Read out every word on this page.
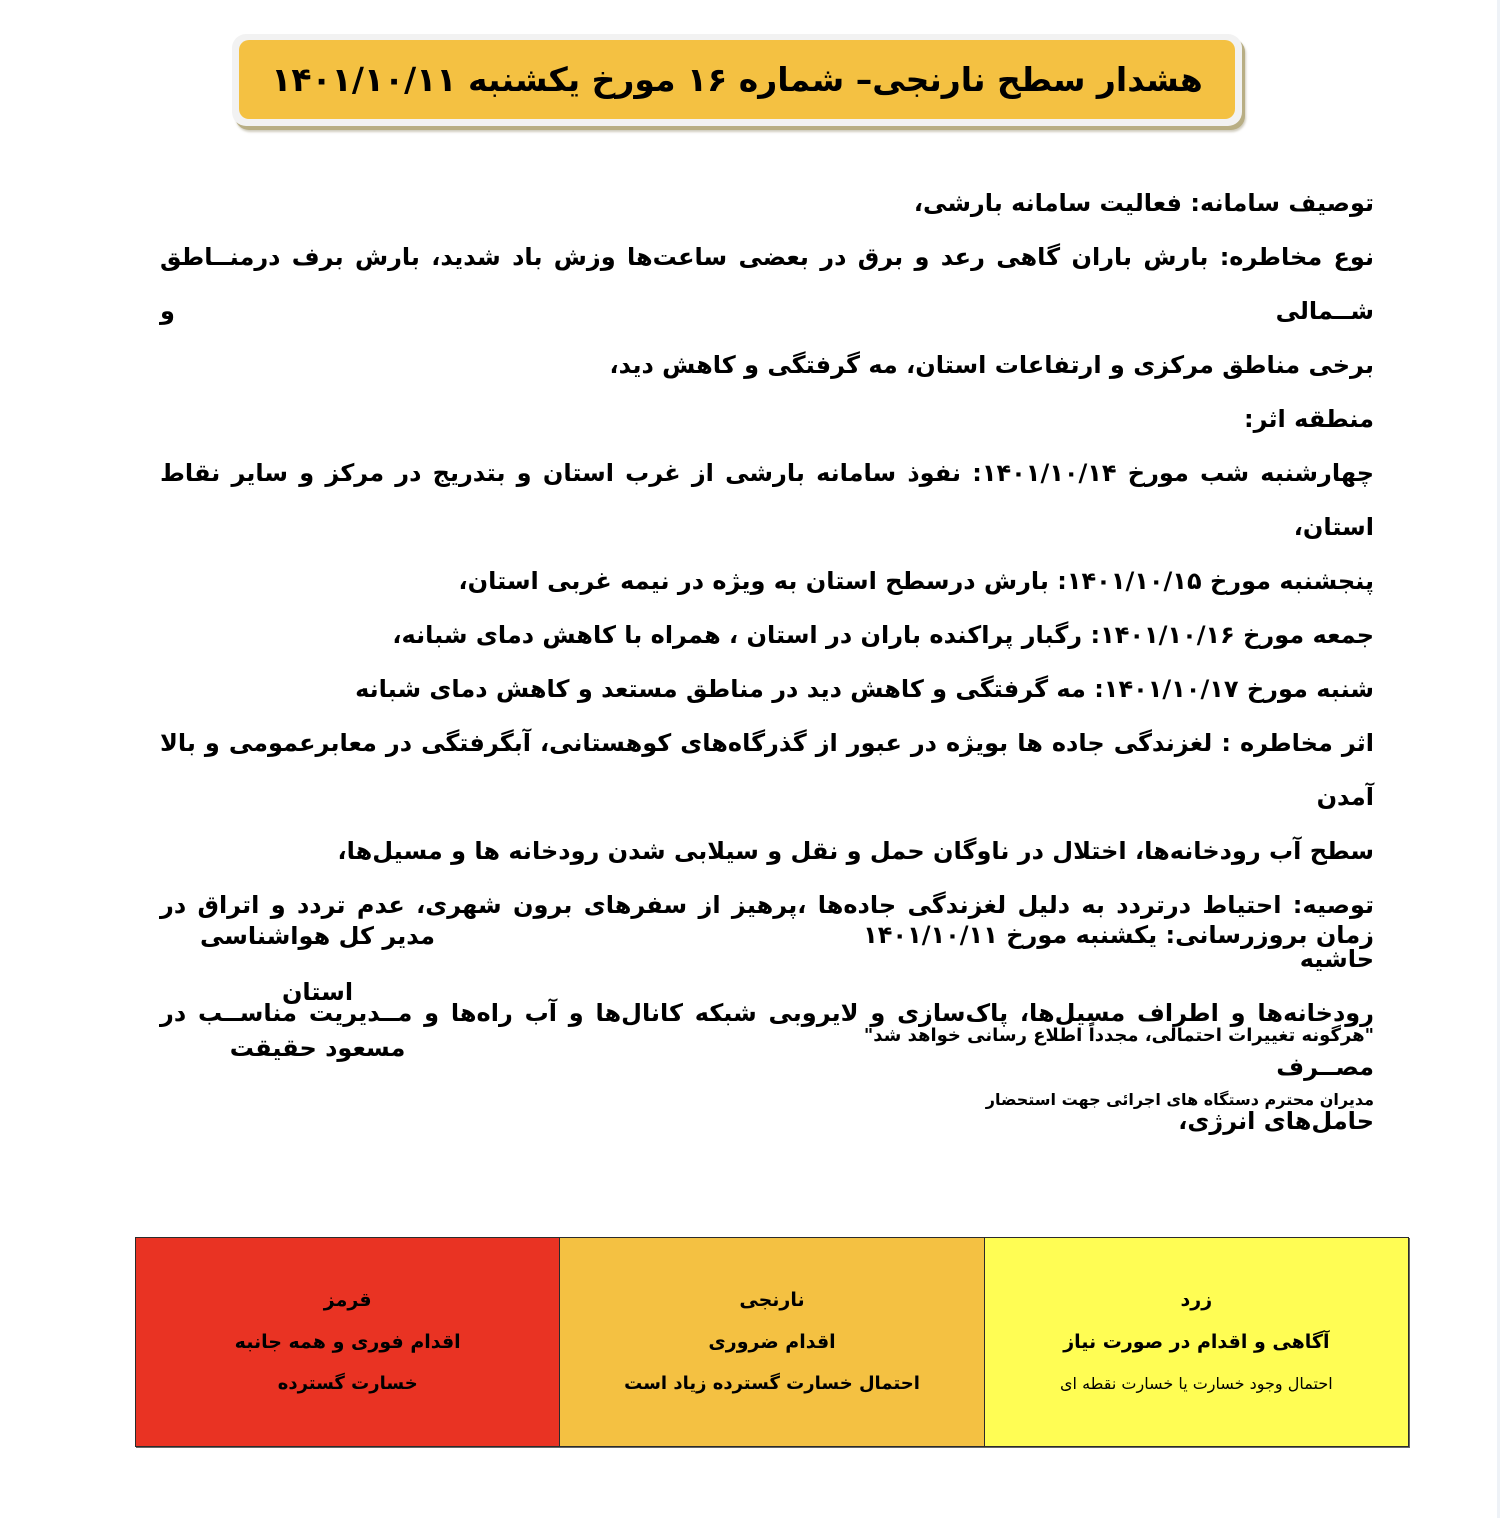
هشدار سطح نارنجی– شماره ۱۶ مورخ یکشنبه ۱۴۰۱/۱۰/۱۱

توصیف سامانه: فعالیت سامانه بارشی،

نوع مخاطره: بارش باران گاهی رعد و برق در بعضی ساعت‌ها وزش باد شدید، بارش برف درمنــاطق شــمالی و

برخی مناطق مرکزی و ارتفاعات استان، مه گرفتگی و کاهش دید،

منطقه اثر:

چهارشنبه شب مورخ ۱۴۰۱/۱۰/۱۴: نفوذ سامانه بارشی از غرب استان و بتدریج در مرکز و سایر نقاط استان،

پنجشنبه مورخ ۱۴۰۱/۱۰/۱۵: بارش درسطح استان به ویژه در نیمه غربی استان،

جمعه مورخ ۱۴۰۱/۱۰/۱۶: رگبار پراکنده باران در استان ، همراه با کاهش دمای شبانه،

شنبه مورخ ۱۴۰۱/۱۰/۱۷: مه گرفتگی و کاهش دید در مناطق مستعد و کاهش دمای شبانه

اثر مخاطره : لغزندگی جاده ها بویژه در عبور از گذرگاه‌های کوهستانی، آبگرفتگی در معابرعمومی و بالا آمدن

سطح آب رودخانه‌ها، اختلال در ناوگان حمل و نقل و سیلابی شدن رودخانه ها و مسیل‌ها،

توصیه: احتیاط درتردد به دلیل لغزندگی جاده‌ها ،پرهیز از سفرهای برون شهری، عدم تردد و اتراق در حاشیه

رودخانه‌ها و اطراف مسیل‌ها، پاک‌سازی و لایروبی شبکه کانال‌ها و آب راه‌ها و مــدیریت مناســب در مصــرف

حامل‌های انرژی،

زمان بروزرسانی: یکشنبه مورخ ۱۴۰۱/۱۰/۱۱
مدیر کل هواشناسی استان
مسعود حقیقت	"هرگونه تغییرات احتمالی، مجدداً اطلاع رسانی خواهد شد"
مدیران محترم دستگاه های اجرائی جهت استحضار
زرد
آگاهی و اقدام در صورت نیاز
احتمال وجود خسارت یا خسارت نقطه ای
نارنجی
اقدام ضروری
احتمال خسارت گسترده زیاد است
قرمز
اقدام فوری و همه جانبه
خسارت گسترده
